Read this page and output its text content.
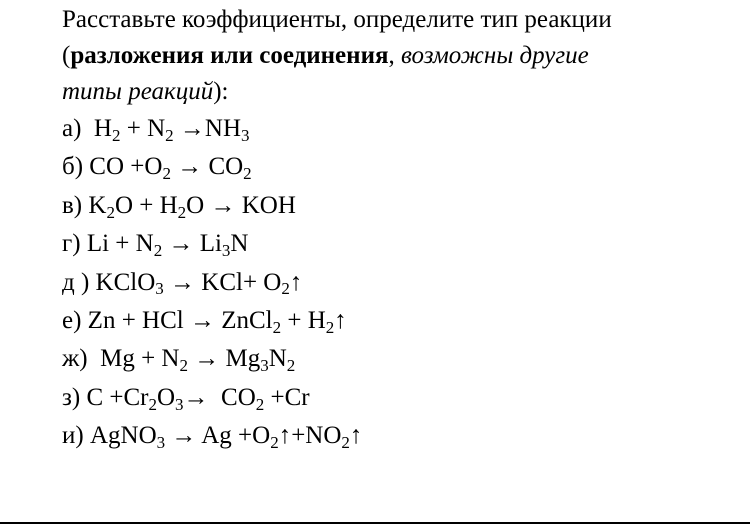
Расставьте коэффициенты, определите тип реакции
(разложения или соединения, возможны другие
типы реакций):

а)  $H_2 + N_2 \to NH_3$
б) CO $+O_2 \to CO_2$
в) $K_2O + H_2O$ → KOH
г) $Li + N_2 \to Li_3N$
д ) KClO$_3$ → $KCl+ O_2↑$
е) Zn + HCl → ZnCl$_2$ + $H_2↑$
ж)  $Mg + N_2 \to Mg_3N_2$
з) $C +Cr_2O_3\to CO_2 +Cr$
и) AgNO$_3$ → $Ag +O_2↑+NO_2↑$
